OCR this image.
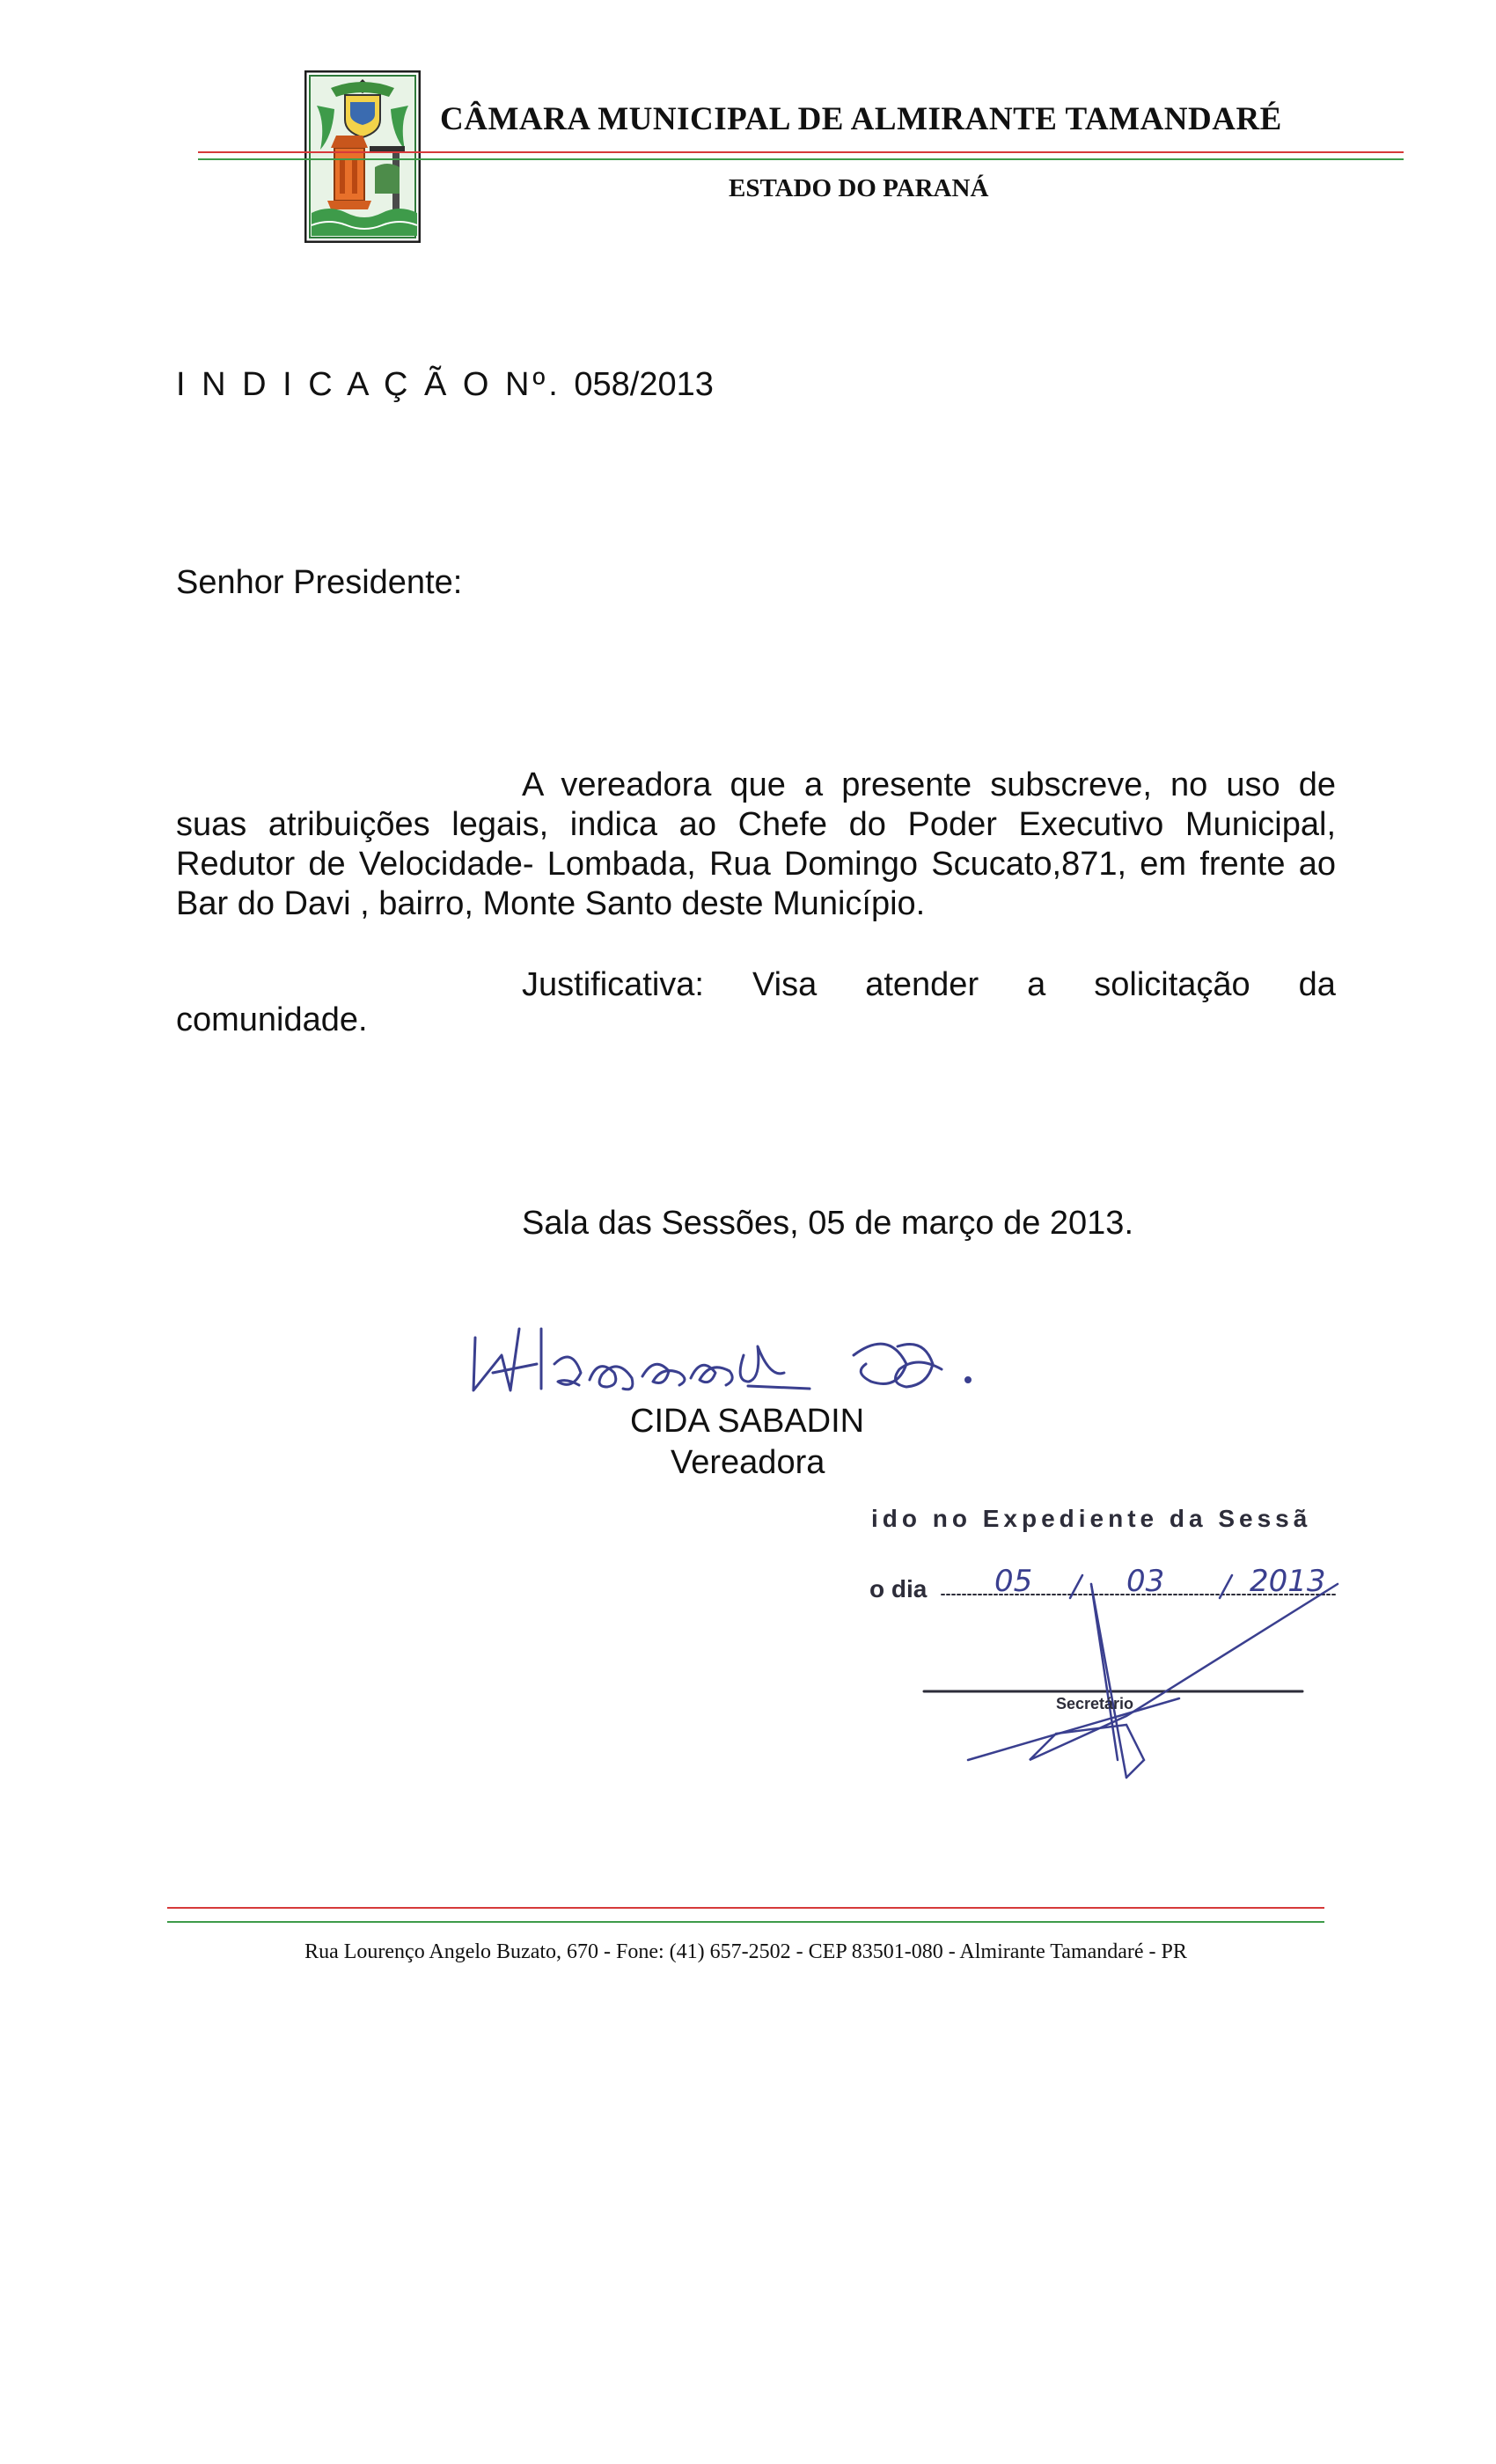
CÂMARA MUNICIPAL DE ALMIRANTE TAMANDARÉ
ESTADO DO PARANÁ
I N D I C A Ç Ã O Nº. 058/2013
Senhor Presidente:
A vereadora que a presente subscreve, no uso de suas atribuições legais, indica ao Chefe do Poder Executivo Municipal, Redutor de Velocidade- Lombada, Rua Domingo Scucato,871, em frente ao Bar do Davi , bairro, Monte Santo deste Município.
Justificativa: Visa atender a solicitação da
comunidade.
Sala das Sessões, 05 de março de 2013.
CIDA SABADIN
Vereadora
ido no Expediente da Sessã
o dia 05	03	2013
Secretário
Rua Lourenço Angelo Buzato, 670 - Fone: (41) 657-2502 - CEP 83501-080 - Almirante Tamandaré - PR
